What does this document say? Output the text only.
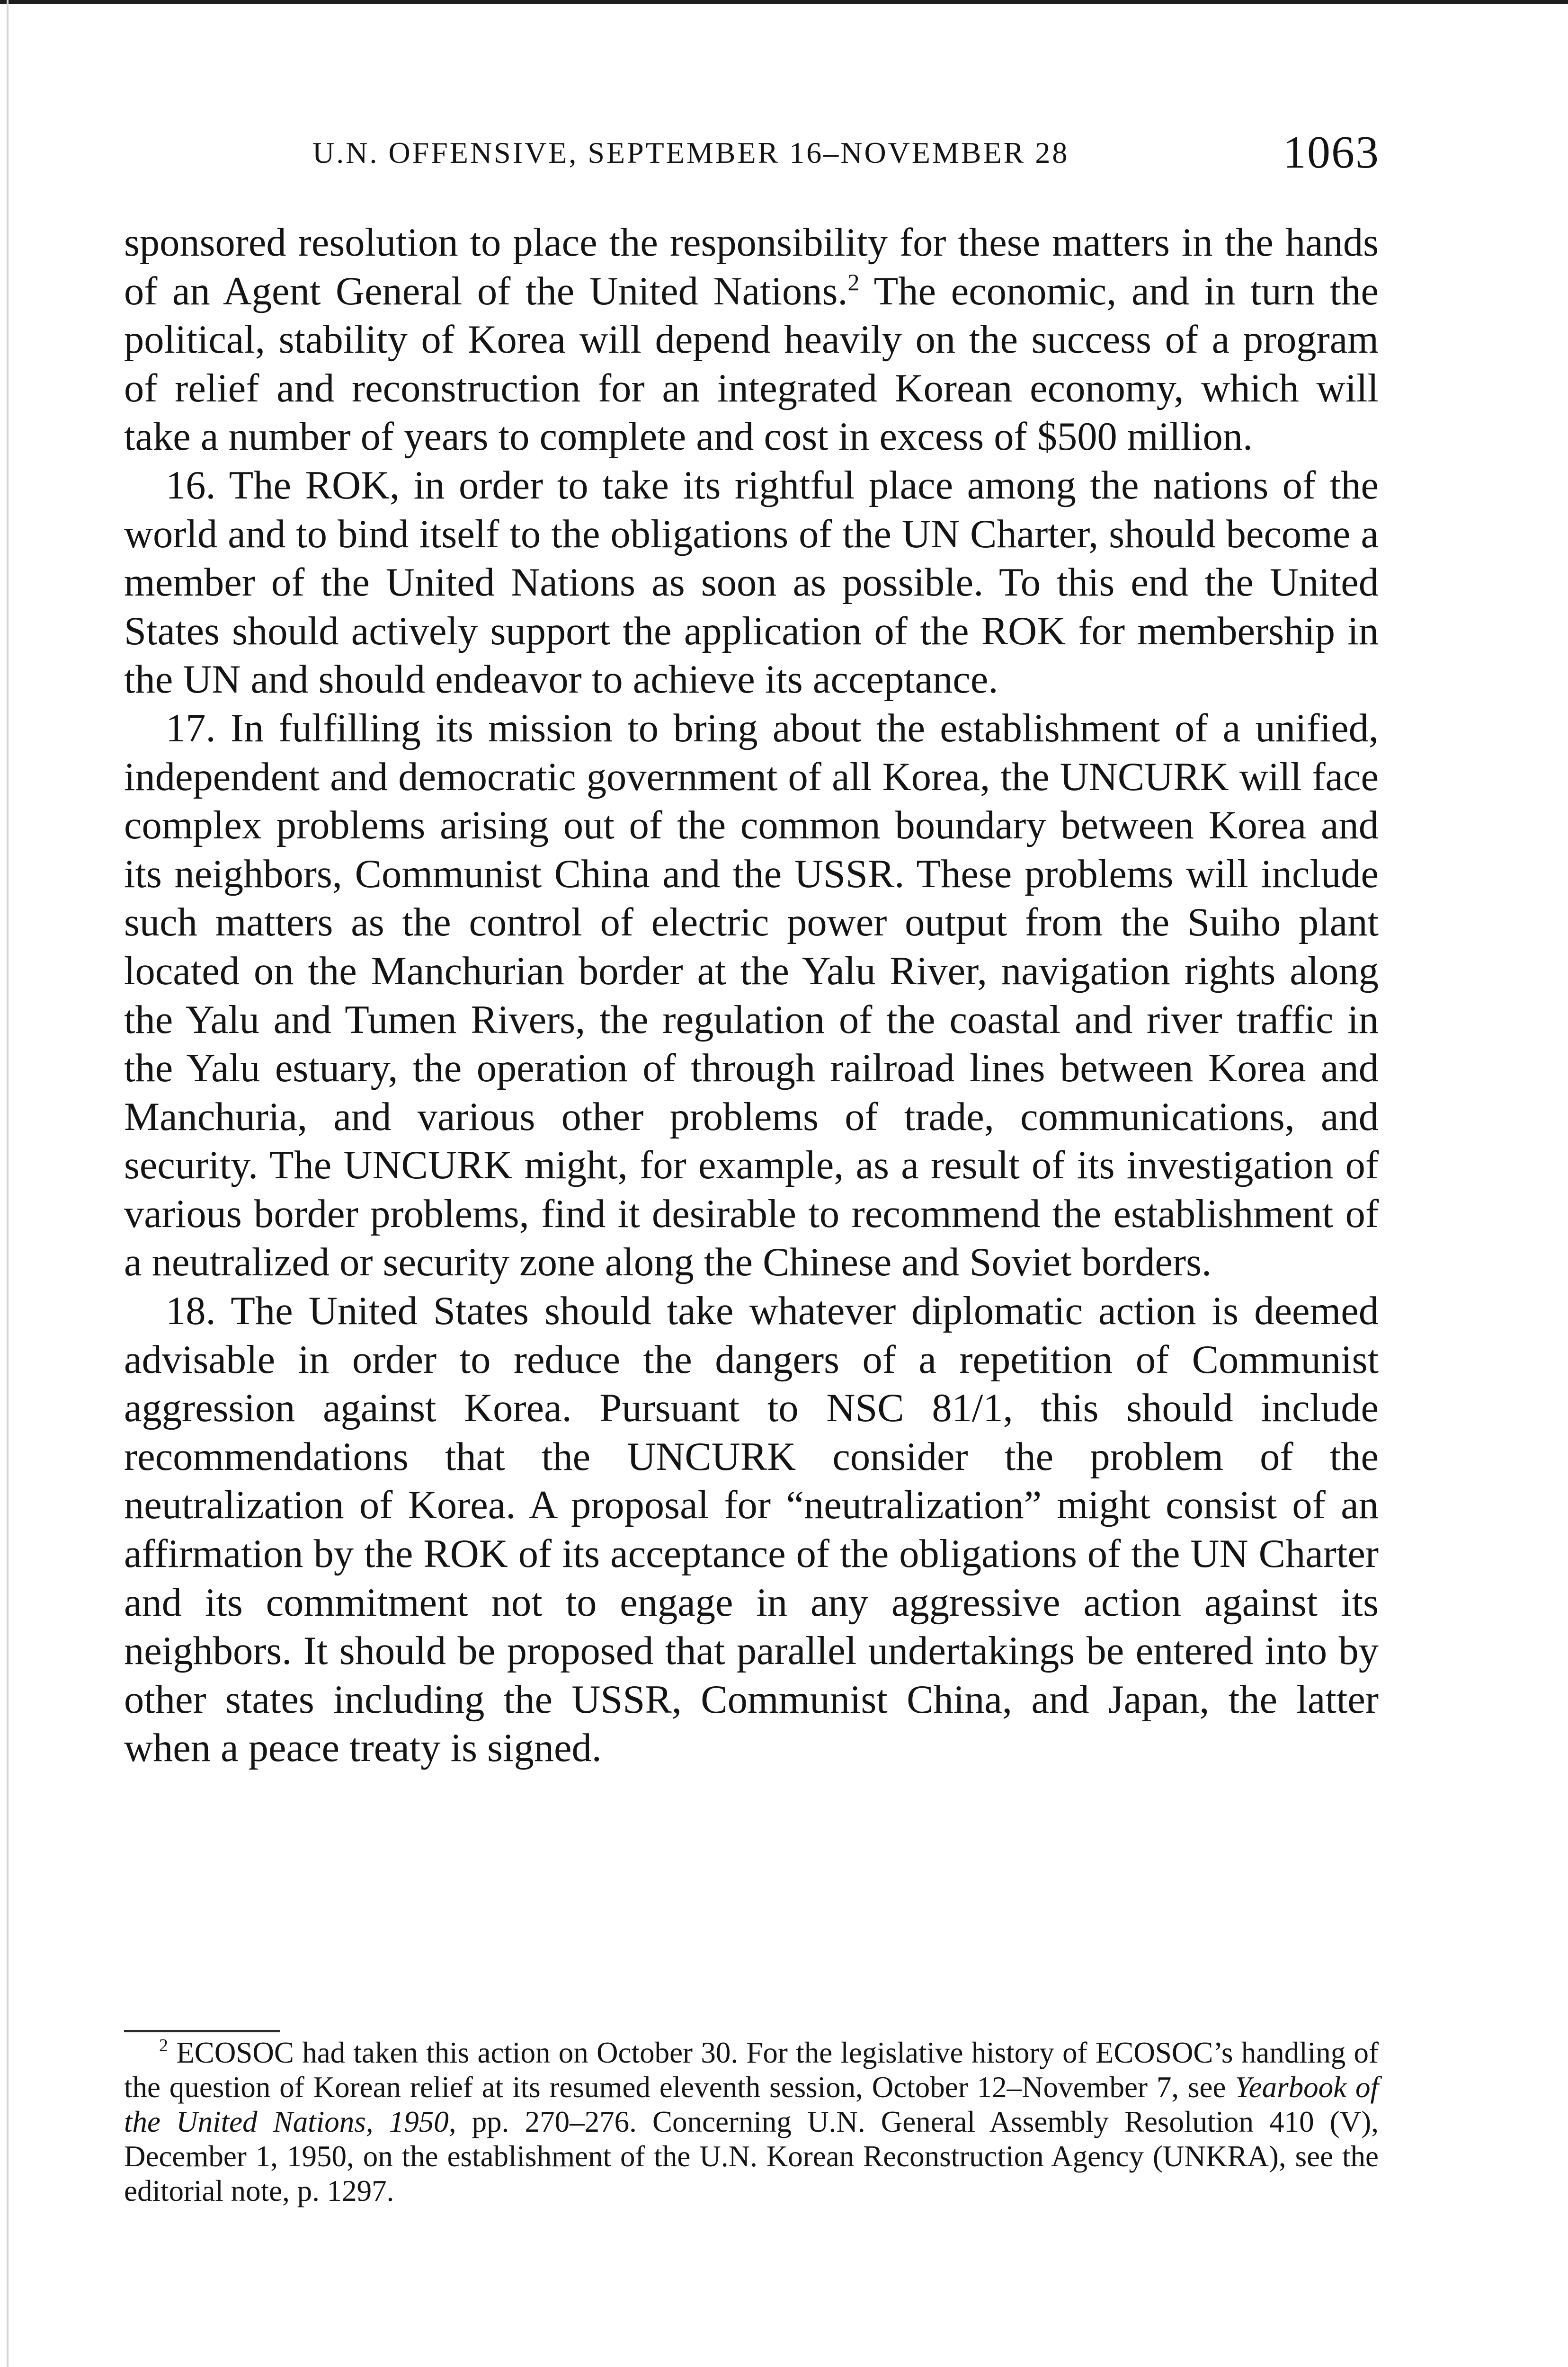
U.N. OFFENSIVE, SEPTEMBER 16–NOVEMBER 28	1063

sponsored resolution to place the responsibility for these matters in the hands of an Agent General of the United Nations.$^2$ The economic, and in turn the political, stability of Korea will depend heavily on the success of a program of relief and reconstruction for an integrated Korean economy, which will take a number of years to complete and cost in excess of $500 million.

16. The ROK, in order to take its rightful place among the nations of the world and to bind itself to the obligations of the UN Charter, should become a member of the United Nations as soon as possible. To this end the United States should actively support the application of the ROK for membership in the UN and should endeavor to achieve its acceptance.

17. In fulfilling its mission to bring about the establishment of a unified, independent and democratic government of all Korea, the UNCURK will face complex problems arising out of the common boundary between Korea and its neighbors, Communist China and the USSR. These problems will include such matters as the control of electric power output from the Suiho plant located on the Manchurian border at the Yalu River, navigation rights along the Yalu and Tumen Rivers, the regulation of the coastal and river traffic in the Yalu estuary, the operation of through railroad lines between Korea and Manchuria, and various other problems of trade, communications, and security. The UNCURK might, for example, as a result of its investigation of various border problems, find it desirable to recommend the establishment of a neutralized or security zone along the Chinese and Soviet borders.

18. The United States should take whatever diplomatic action is deemed advisable in order to reduce the dangers of a repetition of Communist aggression against Korea. Pursuant to NSC 81/1, this should include recommendations that the UNCURK consider the problem of the neutralization of Korea. A proposal for “neutralization” might consist of an affirmation by the ROK of its acceptance of the obligations of the UN Charter and its commitment not to engage in any aggressive action against its neighbors. It should be proposed that parallel undertakings be entered into by other states including the USSR, Communist China, and Japan, the latter when a peace treaty is signed.

$^2$ ECOSOC had taken this action on October 30. For the legislative history of ECOSOC’s handling of the question of Korean relief at its resumed eleventh session, October 12–November 7, see Yearbook of the United Nations, 1950, pp. 270–276. Concerning U.N. General Assembly Resolution 410 (V), December 1, 1950, on the establishment of the U.N. Korean Reconstruction Agency (UNKRA), see the editorial note, p. 1297.
